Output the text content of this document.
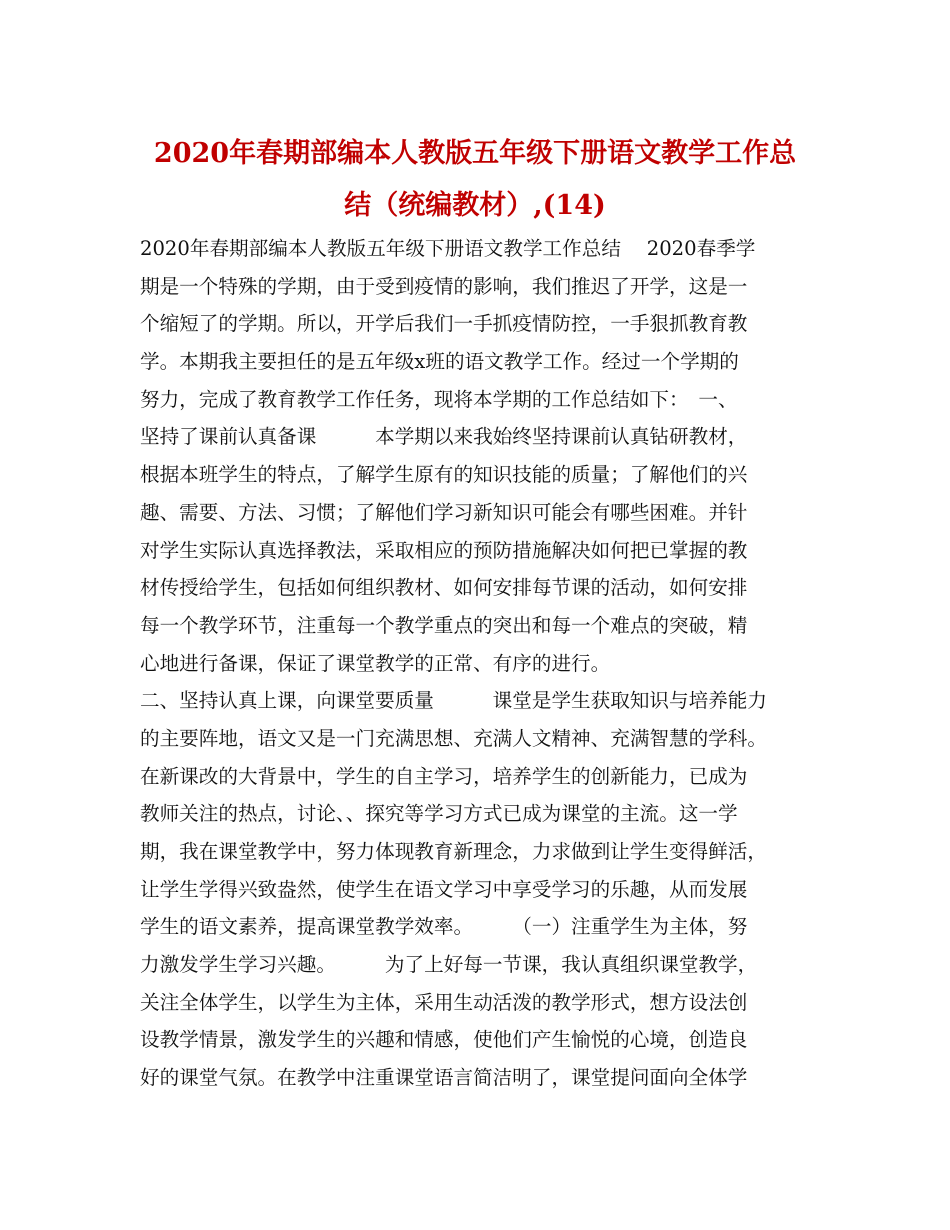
2020年春期部编本人教版五年级下册语文教学工作总
结（统编教材）,(14)
2020年春期部编本人教版五年级下册语文教学工作总结　 2020春季学
期是一个特殊的学期，由于受到疫情的影响，我们推迟了开学，这是一
个缩短了的学期。所以，开学后我们一手抓疫情防控，一手狠抓教育教
学。本期我主要担任的是五年级x班的语文教学工作。经过一个学期的
努力，完成了教育教学工作任务，现将本学期的工作总结如下：　一、
坚持了课前认真备课　　　本学期以来我始终坚持课前认真钻研教材，
根据本班学生的特点，了解学生原有的知识技能的质量；了解他们的兴
趣、需要、方法、习惯；了解他们学习新知识可能会有哪些困难。并针
对学生实际认真选择教法，采取相应的预防措施解决如何把已掌握的教
材传授给学生，包括如何组织教材、如何安排每节课的活动，如何安排
每一个教学环节，注重每一个教学重点的突出和每一个难点的突破，精
心地进行备课，保证了课堂教学的正常、有序的进行。
二、坚持认真上课，向课堂要质量　　　课堂是学生获取知识与培养能力
的主要阵地，语文又是一门充满思想、充满人文精神、充满智慧的学科。
在新课改的大背景中，学生的自主学习，培养学生的创新能力，已成为
教师关注的热点，讨论、、探究等学习方式已成为课堂的主流。这一学
期，我在课堂教学中，努力体现教育新理念，力求做到让学生变得鲜活，
让学生学得兴致盎然，使学生在语文学习中享受学习的乐趣，从而发展
学生的语文素养，提高课堂教学效率。　　　（一）注重学生为主体，努
力激发学生学习兴趣。　　　为了上好每一节课，我认真组织课堂教学，
关注全体学生，以学生为主体，采用生动活泼的教学形式，想方设法创
设教学情景，激发学生的兴趣和情感，使他们产生愉悦的心境，创造良
好的课堂气氛。在教学中注重课堂语言简洁明了，课堂提问面向全体学
